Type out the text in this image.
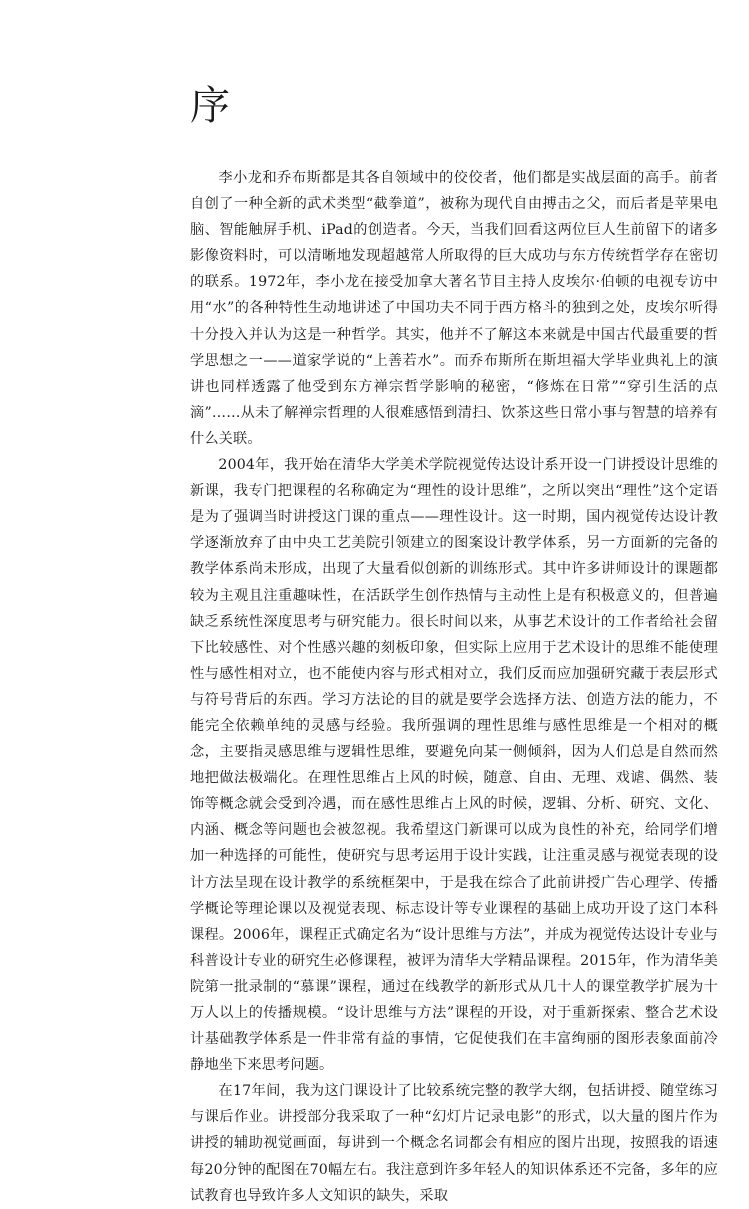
序

李小龙和乔布斯都是其各自领域中的佼佼者，他们都是实战层面的高手。前者自创了一种全新的武术类型“截拳道”，被称为现代自由搏击之父，而后者是苹果电脑、智能触屏手机、iPad的创造者。今天，当我们回看这两位巨人生前留下的诸多影像资料时，可以清晰地发现超越常人所取得的巨大成功与东方传统哲学存在密切的联系。1972年，李小龙在接受加拿大著名节目主持人皮埃尔·伯顿的电视专访中用“水”的各种特性生动地讲述了中国功夫不同于西方格斗的独到之处，皮埃尔听得十分投入并认为这是一种哲学。其实，他并不了解这本来就是中国古代最重要的哲学思想之一——道家学说的“上善若水”。而乔布斯所在斯坦福大学毕业典礼上的演讲也同样透露了他受到东方禅宗哲学影响的秘密，“修炼在日常”“穿引生活的点滴”……从未了解禅宗哲理的人很难感悟到清扫、饮茶这些日常小事与智慧的培养有什么关联。

2004年，我开始在清华大学美术学院视觉传达设计系开设一门讲授设计思维的新课，我专门把课程的名称确定为“理性的设计思维”，之所以突出“理性”这个定语是为了强调当时讲授这门课的重点——理性设计。这一时期，国内视觉传达设计教学逐渐放弃了由中央工艺美院引领建立的图案设计教学体系，另一方面新的完备的教学体系尚未形成，出现了大量看似创新的训练形式。其中许多讲师设计的课题都较为主观且注重趣味性，在活跃学生创作热情与主动性上是有积极意义的，但普遍缺乏系统性深度思考与研究能力。很长时间以来，从事艺术设计的工作者给社会留下比较感性、对个性感兴趣的刻板印象，但实际上应用于艺术设计的思维不能使理性与感性相对立，也不能使内容与形式相对立，我们反而应加强研究藏于表层形式与符号背后的东西。学习方法论的目的就是要学会选择方法、创造方法的能力，不能完全依赖单纯的灵感与经验。我所强调的理性思维与感性思维是一个相对的概念，主要指灵感思维与逻辑性思维，要避免向某一侧倾斜，因为人们总是自然而然地把做法极端化。在理性思维占上风的时候，随意、自由、无理、戏谑、偶然、装饰等概念就会受到冷遇，而在感性思维占上风的时候，逻辑、分析、研究、文化、内涵、概念等问题也会被忽视。我希望这门新课可以成为良性的补充，给同学们增加一种选择的可能性，使研究与思考运用于设计实践，让注重灵感与视觉表现的设计方法呈现在设计教学的系统框架中，于是我在综合了此前讲授广告心理学、传播学概论等理论课以及视觉表现、标志设计等专业课程的基础上成功开设了这门本科课程。2006年，课程正式确定名为“设计思维与方法”，并成为视觉传达设计专业与科普设计专业的研究生必修课程，被评为清华大学精品课程。2015年，作为清华美院第一批录制的“慕课”课程，通过在线教学的新形式从几十人的课堂教学扩展为十万人以上的传播规模。“设计思维与方法”课程的开设，对于重新探索、整合艺术设计基础教学体系是一件非常有益的事情，它促使我们在丰富绚丽的图形表象面前冷静地坐下来思考问题。

在17年间，我为这门课设计了比较系统完整的教学大纲，包括讲授、随堂练习与课后作业。讲授部分我采取了一种“幻灯片记录电影”的形式，以大量的图片作为讲授的辅助视觉画面，每讲到一个概念名词都会有相应的图片出现，按照我的语速每20分钟的配图在70幅左右。我注意到许多年轻人的知识体系还不完备，多年的应试教育也导致许多人文知识的缺失，采取
